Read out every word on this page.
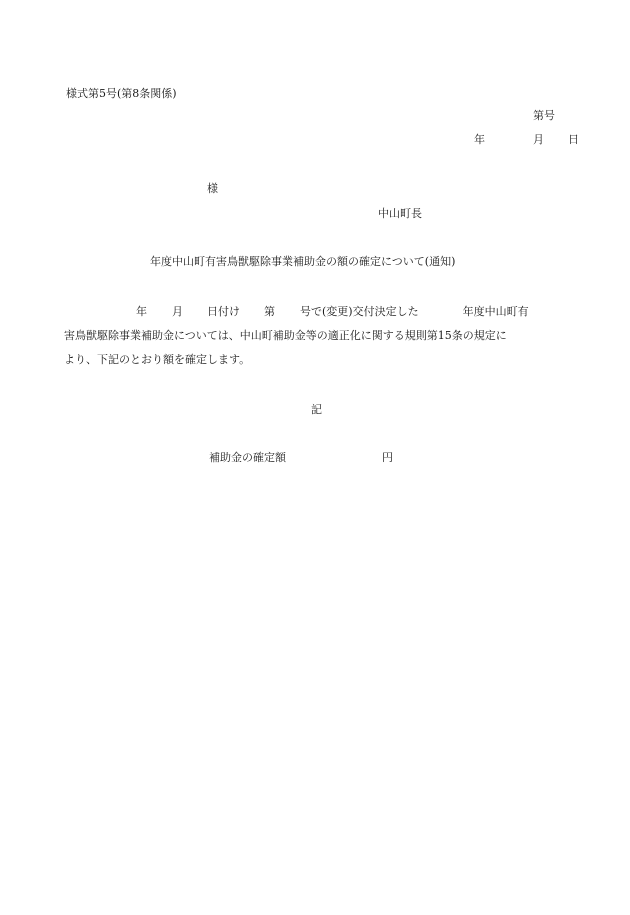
様式第5号(第8条関係)
第号
年	月 日
様
中山町長
年度中山町有害鳥獣駆除事業補助金の額の確定について(通知)
年 月 日付け 第 号で(変更)交付決定した	年度中山町有
害鳥獣駆除事業補助金については、中山町補助金等の適正化に関する規則第15条の規定に
より、下記のとおり額を確定します。
記
補助金の確定額	円
